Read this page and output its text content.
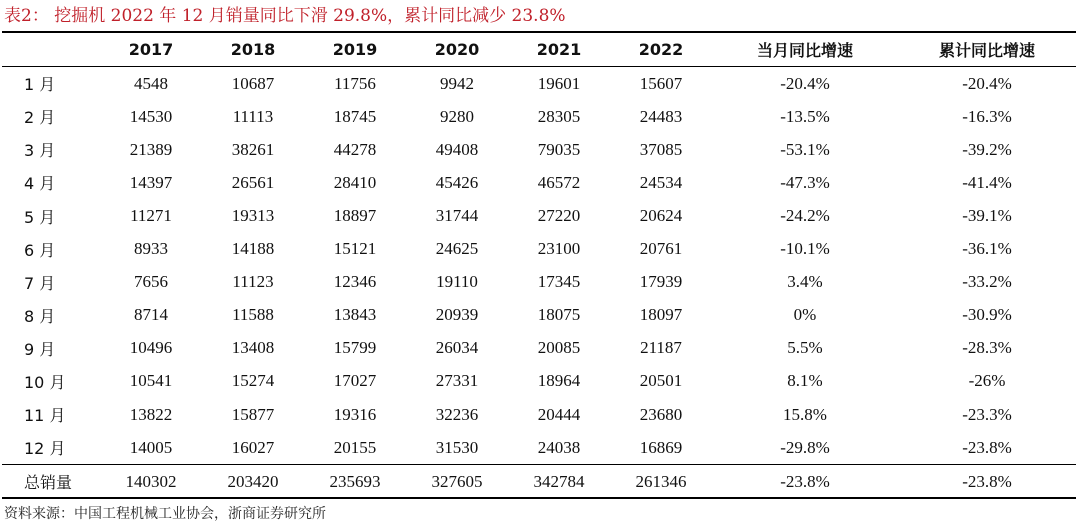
表2： 挖掘机 2022 年 12 月销量同比下滑 29.8%，累计同比减少 23.8%
	2017	2018	2019	2020	2021	2022	当月同比增速	累计同比增速
1 月	4548	10687	11756	9942	19601	15607	-20.4%	-20.4%
2 月	14530	11113	18745	9280	28305	24483	-13.5%	-16.3%
3 月	21389	38261	44278	49408	79035	37085	-53.1%	-39.2%
4 月	14397	26561	28410	45426	46572	24534	-47.3%	-41.4%
5 月	11271	19313	18897	31744	27220	20624	-24.2%	-39.1%
6 月	8933	14188	15121	24625	23100	20761	-10.1%	-36.1%
7 月	7656	11123	12346	19110	17345	17939	3.4%	-33.2%
8 月	8714	11588	13843	20939	18075	18097	0%	-30.9%
9 月	10496	13408	15799	26034	20085	21187	5.5%	-28.3%
10 月	10541	15274	17027	27331	18964	20501	8.1%	-26%
11 月	13822	15877	19316	32236	20444	23680	15.8%	-23.3%
12 月	14005	16027	20155	31530	24038	16869	-29.8%	-23.8%
总销量	140302	203420	235693	327605	342784	261346	-23.8%	-23.8%
资料来源：中国工程机械工业协会，浙商证券研究所
